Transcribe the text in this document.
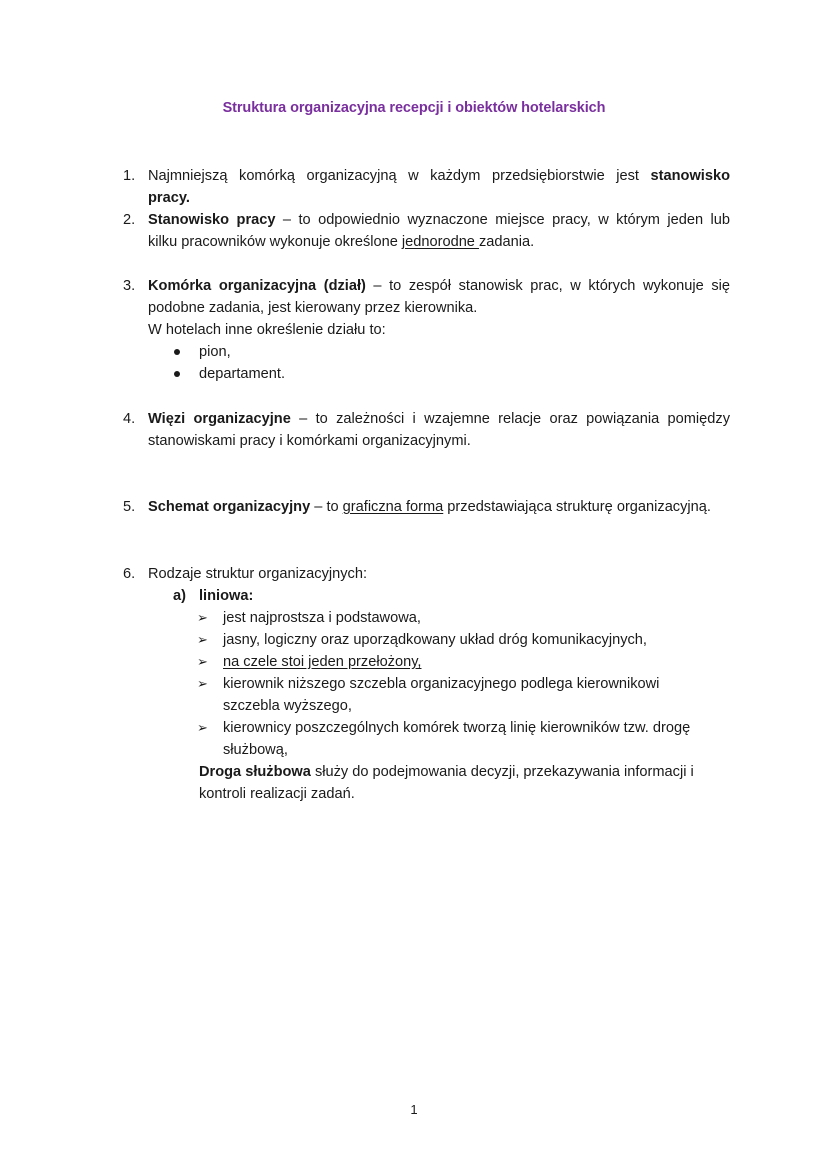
Struktura organizacyjna recepcji i obiektów hotelarskich
1. Najmniejszą komórką organizacyjną w każdym przedsiębiorstwie jest stanowisko
pracy.
2. Stanowisko pracy – to odpowiednio wyznaczone miejsce pracy, w którym jeden lub
kilku pracowników wykonuje określone jednorodne zadania.
3. Komórka organizacyjna (dział) – to zespół stanowisk prac, w których wykonuje się
podobne zadania, jest kierowany przez kierownika.
W hotelach inne określenie działu to:
pion,
departament.
4. Więzi organizacyjne – to zależności i wzajemne relacje oraz powiązania pomiędzy
stanowiskami pracy i komórkami organizacyjnymi.
5. Schemat organizacyjny – to graficzna forma przedstawiająca strukturę organizacyjną.
6. Rodzaje struktur organizacyjnych:
a) liniowa:
➢ jest najprostsza i podstawowa,
➢ jasny, logiczny oraz uporządkowany układ dróg komunikacyjnych,
➢ na czele stoi jeden przełożony,
➢ kierownik niższego szczebla organizacyjnego podlega kierownikowi
szczebla wyższego,
➢ kierownicy poszczególnych komórek tworzą linię kierowników tzw. drogę
służbową,
Droga służbowa służy do podejmowania decyzji, przekazywania informacji i
kontroli realizacji zadań.
1
